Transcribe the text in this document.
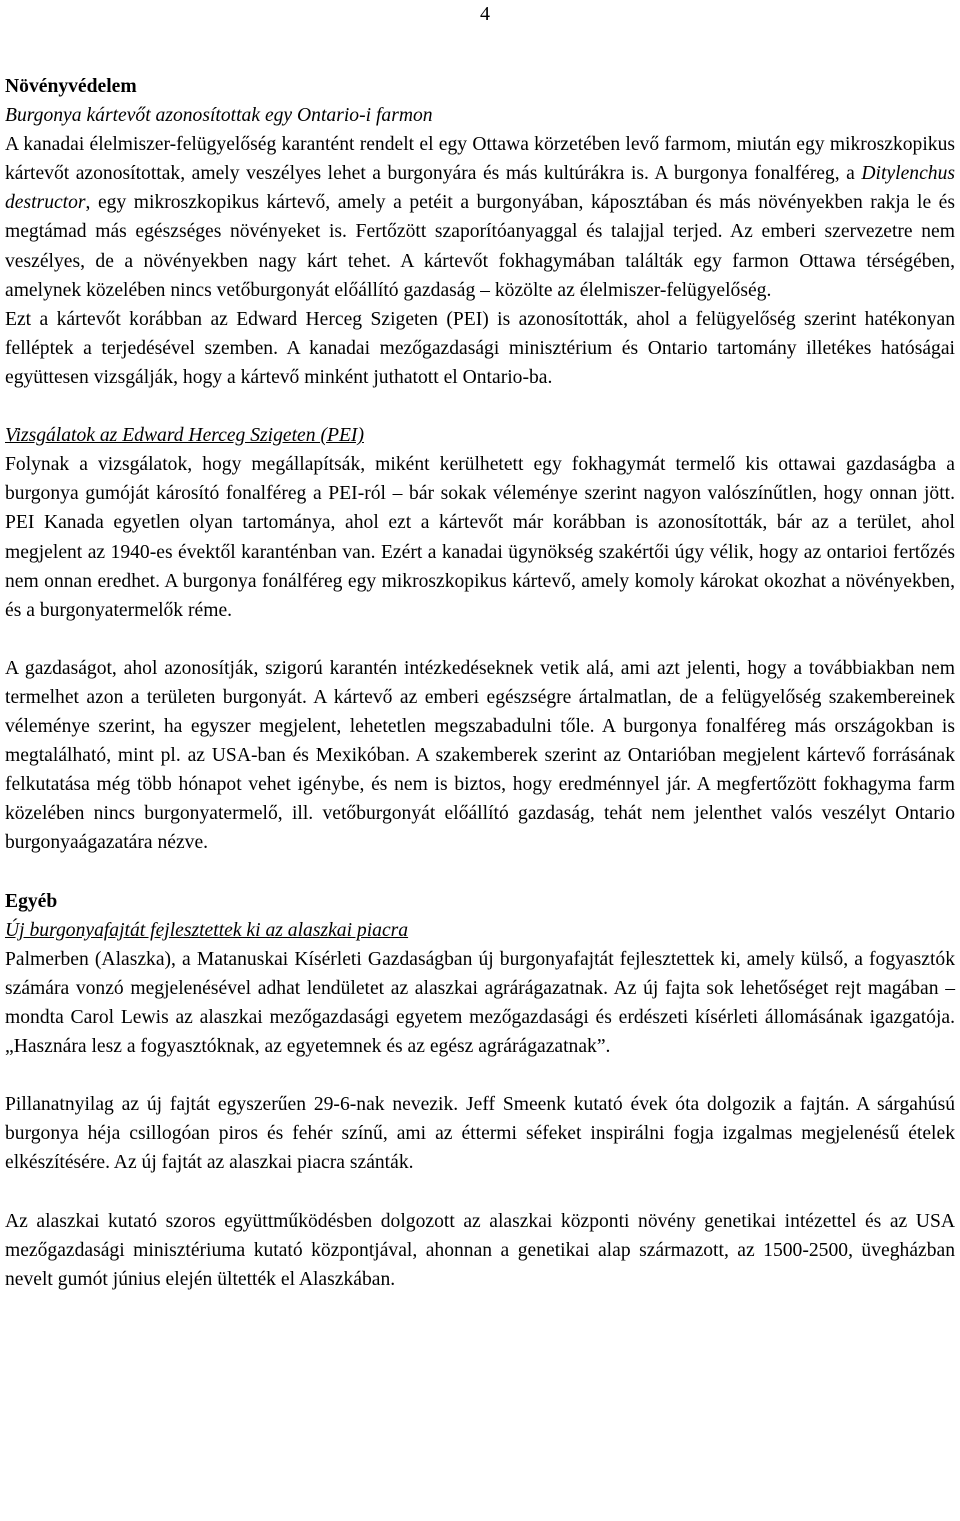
4
Növényvédelem
Burgonya kártevőt azonosítottak egy Ontario-i farmon

A kanadai élelmiszer-felügyelőség karantént rendelt el egy Ottawa körzetében levő farmom, miután egy mikroszkopikus kártevőt azonosítottak, amely veszélyes lehet a burgonyára és más kultúrákra is. A burgonya fonalféreg, a Ditylenchus destructor, egy mikroszkopikus kártevő, amely a petéit a burgonyában, káposztában és más növényekben rakja le és megtámad más egészséges növényeket is. Fertőzött szaporítóanyaggal és talajjal terjed. Az emberi szervezetre nem veszélyes, de a növényekben nagy kárt tehet. A kártevőt fokhagymában találták egy farmon Ottawa térségében, amelynek közelében nincs vetőburgonyát előállító gazdaság – közölte az élelmiszer-felügyelőség.

Ezt a kártevőt korábban az Edward Herceg Szigeten (PEI) is azonosították, ahol a felügyelőség szerint hatékonyan felléptek a terjedésével szemben. A kanadai mezőgazdasági minisztérium és Ontario tartomány illetékes hatóságai együttesen vizsgálják, hogy a kártevő minként juthatott el Ontario-ba.

Vizsgálatok az Edward Herceg Szigeten (PEI)

Folynak a vizsgálatok, hogy megállapítsák, miként kerülhetett egy fokhagymát termelő kis ottawai gazdaságba a burgonya gumóját károsító fonalféreg a PEI-ról – bár sokak véleménye szerint nagyon valószínűtlen, hogy onnan jött. PEI Kanada egyetlen olyan tartománya, ahol ezt a kártevőt már korábban is azonosították, bár az a terület, ahol megjelent az 1940-es évektől karanténban van. Ezért a kanadai ügynökség szakértői úgy vélik, hogy az ontarioi fertőzés nem onnan eredhet. A burgonya fonálféreg egy mikroszkopikus kártevő, amely komoly károkat okozhat a növényekben, és a burgonyatermelők réme.

A gazdaságot, ahol azonosítják, szigorú karantén intézkedéseknek vetik alá, ami azt jelenti, hogy a továbbiakban nem termelhet azon a területen burgonyát. A kártevő az emberi egészségre ártalmatlan, de a felügyelőség szakembereinek véleménye szerint, ha egyszer megjelent, lehetetlen megszabadulni tőle. A burgonya fonalféreg más országokban is megtalálható, mint pl. az USA-ban és Mexikóban. A szakemberek szerint az Ontarióban megjelent kártevő forrásának felkutatása még több hónapot vehet igénybe, és nem is biztos, hogy eredménnyel jár. A megfertőzött fokhagyma farm közelében nincs burgonyatermelő, ill. vetőburgonyát előállító gazdaság, tehát nem jelenthet valós veszélyt Ontario burgonyaágazatára nézve.

Egyéb
Új burgonyafajtát fejlesztettek ki az alaszkai piacra

Palmerben (Alaszka), a Matanuskai Kísérleti Gazdaságban új burgonyafajtát fejlesztettek ki, amely külső, a fogyasztók számára vonzó megjelenésével adhat lendületet az alaszkai agrárágazatnak. Az új fajta sok lehetőséget rejt magában – mondta Carol Lewis az alaszkai mezőgazdasági egyetem mezőgazdasági és erdészeti kísérleti állomásának igazgatója. „Hasznára lesz a fogyasztóknak, az egyetemnek és az egész agrárágazatnak”.

Pillanatnyilag az új fajtát egyszerűen 29-6-nak nevezik. Jeff Smeenk kutató évek óta dolgozik a fajtán. A sárgahúsú burgonya héja csillogóan piros és fehér színű, ami az éttermi séfeket inspirálni fogja izgalmas megjelenésű ételek elkészítésére. Az új fajtát az alaszkai piacra szánták.

Az alaszkai kutató szoros együttműködésben dolgozott az alaszkai központi növény genetikai intézettel és az USA mezőgazdasági minisztériuma kutató központjával, ahonnan a genetikai alap származott, az 1500-2500, üvegházban nevelt gumót június elején ültették el Alaszkában.
